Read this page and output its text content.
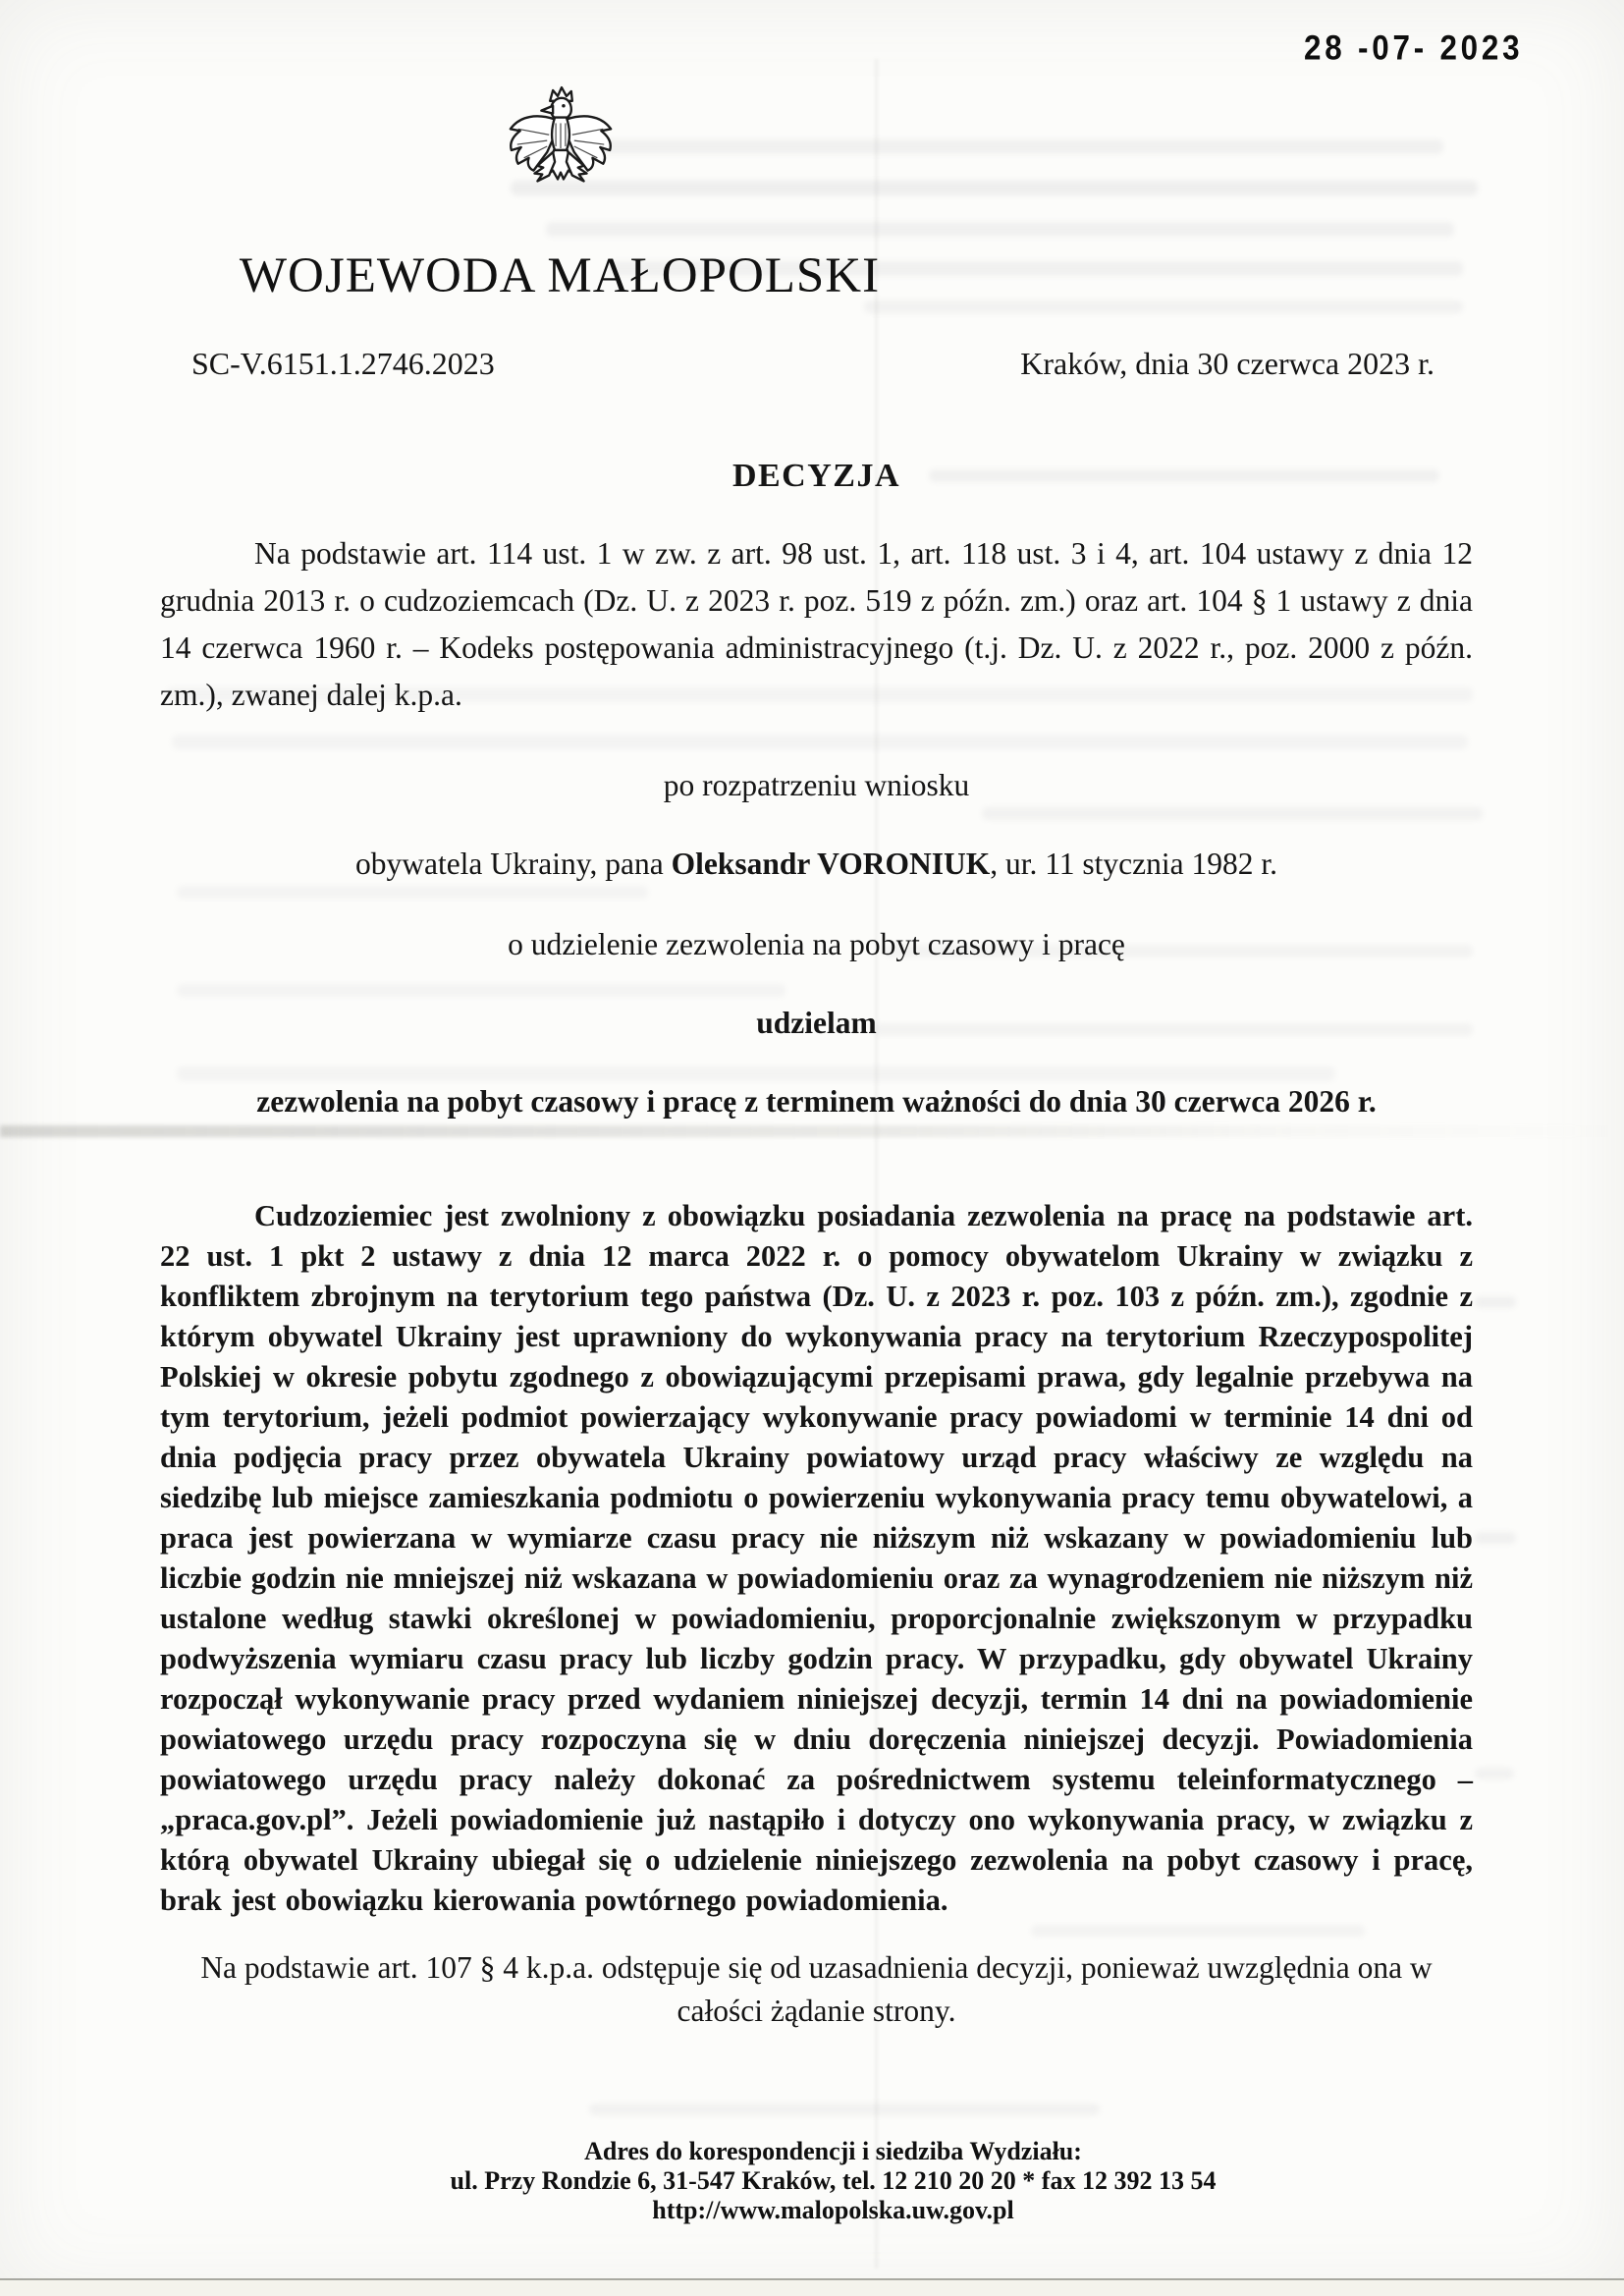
28 -07- 2023
WOJEWODA MAŁOPOLSKI
SC-V.6151.1.2746.2023	Kraków, dnia 30 czerwca 2023 r.
DECYZJA
Na podstawie art. 114 ust. 1 w zw. z art. 98 ust. 1, art. 118 ust. 3 i 4, art. 104 ustawy z dnia 12 grudnia 2013 r. o cudzoziemcach (Dz. U. z 2023 r. poz. 519 z późn. zm.) oraz art. 104 § 1 ustawy z dnia 14 czerwca 1960 r. – Kodeks postępowania administracyjnego (t.j. Dz. U. z 2022 r., poz. 2000 z późn. zm.), zwanej dalej k.p.a.
po rozpatrzeniu wniosku
obywatela Ukrainy, pana Oleksandr VORONIUK, ur. 11 stycznia 1982 r.
o udzielenie zezwolenia na pobyt czasowy i pracę
udzielam
zezwolenia na pobyt czasowy i pracę z terminem ważności do dnia 30 czerwca 2026 r.
Cudzoziemiec jest zwolniony z obowiązku posiadania zezwolenia na pracę na podstawie art. 22 ust. 1 pkt 2 ustawy z dnia 12 marca 2022 r. o pomocy obywatelom Ukrainy w związku z konfliktem zbrojnym na terytorium tego państwa (Dz. U. z 2023 r. poz. 103 z późn. zm.), zgodnie z którym obywatel Ukrainy jest uprawniony do wykonywania pracy na terytorium Rzeczypospolitej Polskiej w okresie pobytu zgodnego z obowiązującymi przepisami prawa, gdy legalnie przebywa na tym terytorium, jeżeli podmiot powierzający wykonywanie pracy powiadomi w terminie 14 dni od dnia podjęcia pracy przez obywatela Ukrainy powiatowy urząd pracy właściwy ze względu na siedzibę lub miejsce zamieszkania podmiotu o powierzeniu wykonywania pracy temu obywatelowi, a praca jest powierzana w wymiarze czasu pracy nie niższym niż wskazany w powiadomieniu lub liczbie godzin nie mniejszej niż wskazana w powiadomieniu oraz za wynagrodzeniem nie niższym niż ustalone według stawki określonej w powiadomieniu, proporcjonalnie zwiększonym w przypadku podwyższenia wymiaru czasu pracy lub liczby godzin pracy. W przypadku, gdy obywatel Ukrainy rozpoczął wykonywanie pracy przed wydaniem niniejszej decyzji, termin 14 dni na powiadomienie powiatowego urzędu pracy rozpoczyna się w dniu doręczenia niniejszej decyzji. Powiadomienia powiatowego urzędu pracy należy dokonać za pośrednictwem systemu teleinformatycznego – „praca.gov.pl”. Jeżeli powiadomienie już nastąpiło i dotyczy ono wykonywania pracy, w związku z którą obywatel Ukrainy ubiegał się o udzielenie niniejszego zezwolenia na pobyt czasowy i pracę, brak jest obowiązku kierowania powtórnego powiadomienia.
Na podstawie art. 107 § 4 k.p.a. odstępuje się od uzasadnienia decyzji, ponieważ uwzględnia ona w całości żądanie strony.
Adres do korespondencji i siedziba Wydziału:
ul. Przy Rondzie 6, 31-547 Kraków, tel. 12 210 20 20 * fax 12 392 13 54
http://www.malopolska.uw.gov.pl
